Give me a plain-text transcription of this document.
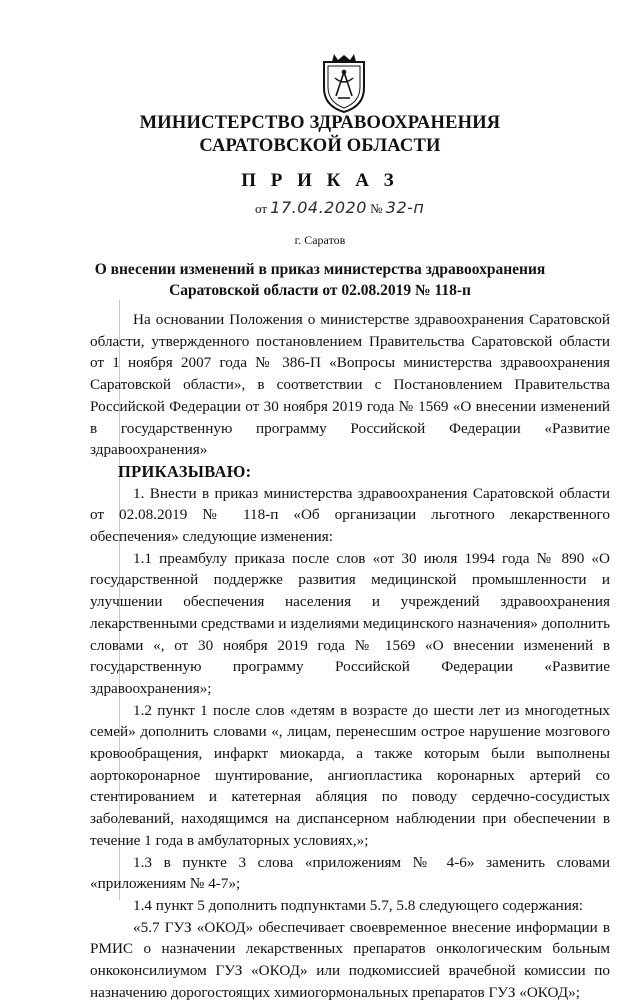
МИНИСТЕРСТВО ЗДРАВООХРАНЕНИЯ
САРАТОВСКОЙ ОБЛАСТИ
П Р И К А З
от 17.04.2020 № 32-п
г. Саратов
О внесении изменений в приказ министерства здравоохранения
Саратовской области от 02.08.2019 № 118-п

На основании Положения о министерстве здравоохранения Саратовской области, утвержденного постановлением Правительства Саратовской области от 1 ноября 2007 года № 386-П «Вопросы министерства здравоохранения Саратовской области», в соответствии с Постановлением Правительства Российской Федерации от 30 ноября 2019 года № 1569 «О внесении изменений в государственную программу Российской Федерации «Развитие здравоохранения»

ПРИКАЗЫВАЮ:

1. Внести в приказ министерства здравоохранения Саратовской области от 02.08.2019 № 118-п «Об организации льготного лекарственного обеспечения» следующие изменения:

1.1 преамбулу приказа после слов «от 30 июля 1994 года № 890 «О государственной поддержке развития медицинской промышленности и улучшении обеспечения населения и учреждений здравоохранения лекарственными средствами и изделиями медицинского назначения» дополнить словами «, от 30 ноября 2019 года № 1569 «О внесении изменений в государственную программу Российской Федерации «Развитие здравоохранения»;

1.2 пункт 1 после слов «детям в возрасте до шести лет из многодетных семей» дополнить словами «, лицам, перенесшим острое нарушение мозгового кровообращения, инфаркт миокарда, а также которым были выполнены аортокоронарное шунтирование, ангиопластика коронарных артерий со стентированием и катетерная абляция по поводу сердечно-сосудистых заболеваний, находящимся на диспансерном наблюдении при обеспечении в течение 1 года в амбулаторных условиях,»;

1.3 в пункте 3 слова «приложениям № 4-6» заменить словами «приложениям № 4-7»;

1.4 пункт 5 дополнить подпунктами 5.7, 5.8 следующего содержания:

«5.7 ГУЗ «ОКОД» обеспечивает своевременное внесение информации в РМИС о назначении лекарственных препаратов онкологическим больным онкоконсилиумом ГУЗ «ОКОД» или подкомиссией врачебной комиссии по назначению дорогостоящих химиогормональных препаратов ГУЗ «ОКОД»;
